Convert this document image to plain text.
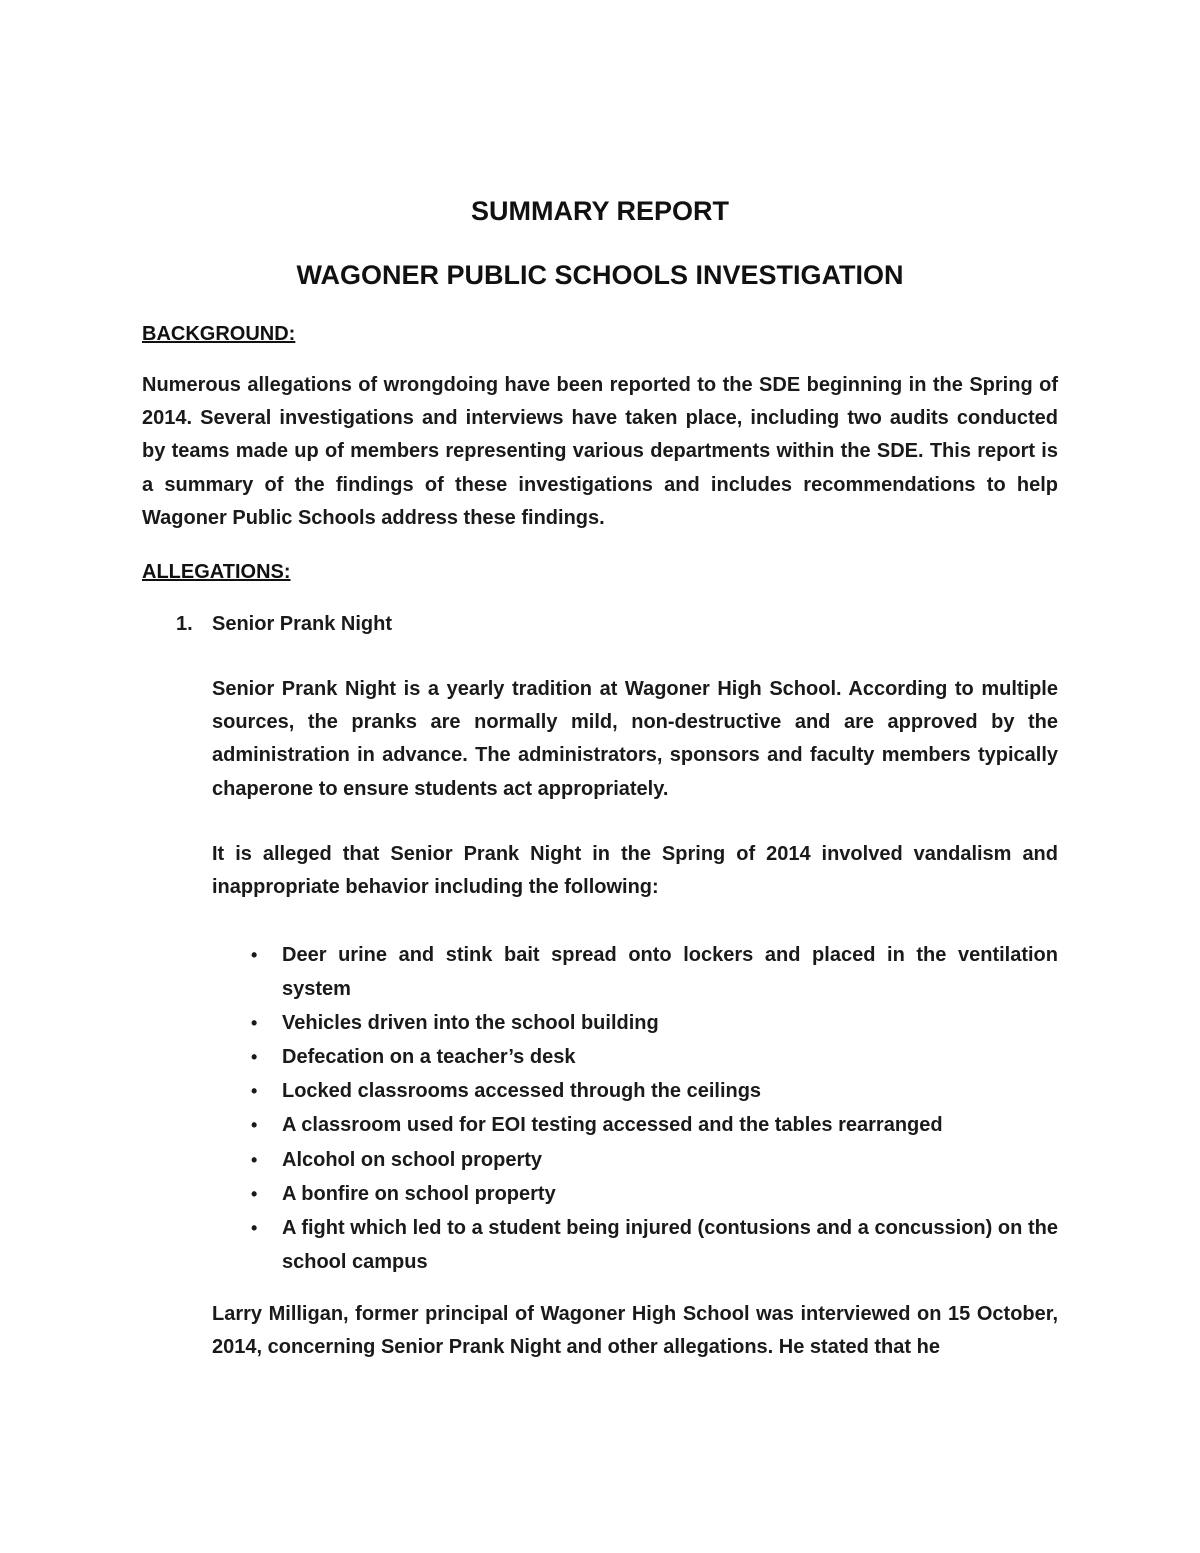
SUMMARY REPORT
WAGONER PUBLIC SCHOOLS INVESTIGATION
BACKGROUND:

Numerous allegations of wrongdoing have been reported to the SDE beginning in the Spring of 2014. Several investigations and interviews have taken place, including two audits conducted by teams made up of members representing various departments within the SDE. This report is a summary of the findings of these investigations and includes recommendations to help Wagoner Public Schools address these findings.

ALLEGATIONS:
1. Senior Prank Night

Senior Prank Night is a yearly tradition at Wagoner High School. According to multiple sources, the pranks are normally mild, non-destructive and are approved by the administration in advance. The administrators, sponsors and faculty members typically chaperone to ensure students act appropriately.

It is alleged that Senior Prank Night in the Spring of 2014 involved vandalism and inappropriate behavior including the following:

• Deer urine and stink bait spread onto lockers and placed in the ventilation system
• Vehicles driven into the school building
• Defecation on a teacher’s desk
• Locked classrooms accessed through the ceilings
• A classroom used for EOI testing accessed and the tables rearranged
• Alcohol on school property
• A bonfire on school property
• A fight which led to a student being injured (contusions and a concussion) on the school campus

Larry Milligan, former principal of Wagoner High School was interviewed on 15 October, 2014, concerning Senior Prank Night and other allegations. He stated that he
